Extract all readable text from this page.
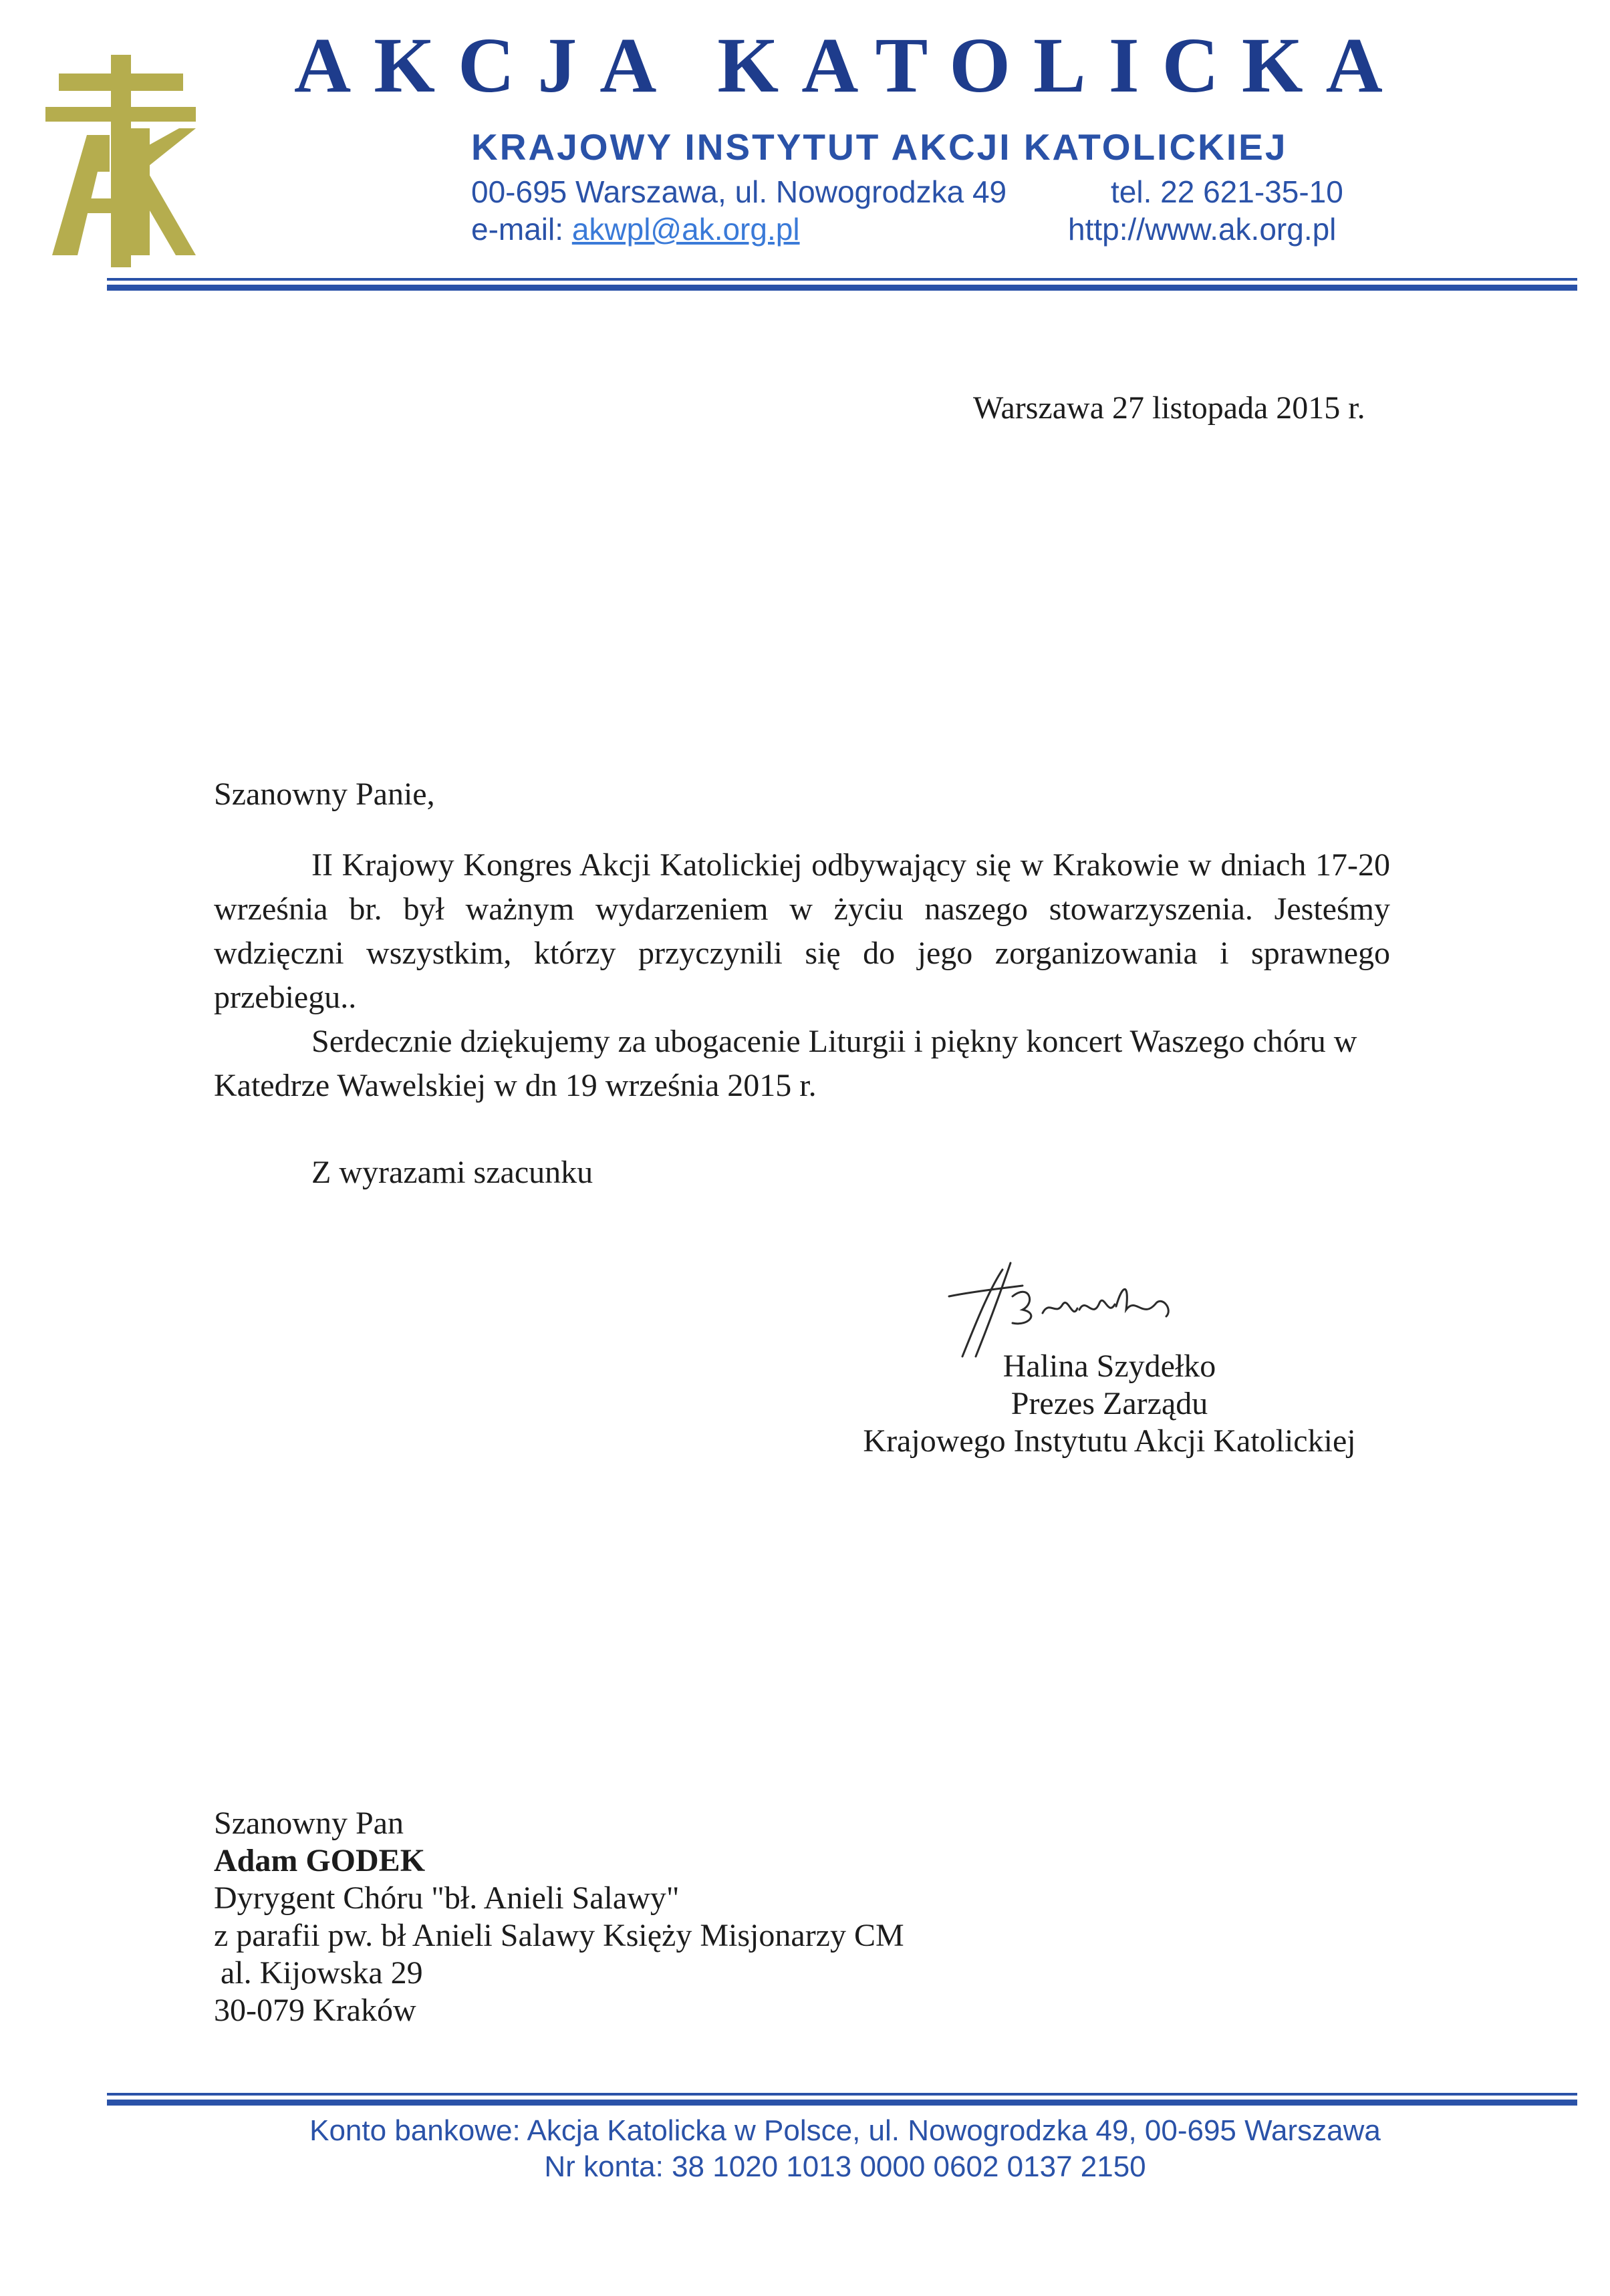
AKCJA KATOLICKA
KRAJOWY INSTYTUT AKCJI KATOLICKIEJ
00-695 Warszawa, ul. Nowogrodzka 49	tel. 22 621-35-10
e-mail: akwpl@ak.org.pl	http://www.ak.org.pl
Warszawa 27 listopada 2015 r.
Szanowny Panie,
II Krajowy Kongres Akcji Katolickiej odbywający się w Krakowie w dniach 17-20 września br. był ważnym wydarzeniem w życiu naszego stowarzyszenia. Jesteśmy wdzięczni wszystkim, którzy przyczynili się do jego zorganizowania i sprawnego przebiegu..
Serdecznie dziękujemy za ubogacenie Liturgii i piękny koncert Waszego chóru w Katedrze Wawelskiej w dn 19 września 2015 r.
Z wyrazami szacunku
Halina Szydełko
Prezes Zarządu
Krajowego Instytutu Akcji Katolickiej
Szanowny Pan
Adam GODEK
Dyrygent Chóru "bł. Anieli Salawy"
z parafii pw. bł Anieli Salawy Księży Misjonarzy CM
al. Kijowska 29
30-079 Kraków
Konto bankowe: Akcja Katolicka w Polsce, ul. Nowogrodzka 49, 00-695 Warszawa
Nr konta: 38 1020 1013 0000 0602 0137 2150
